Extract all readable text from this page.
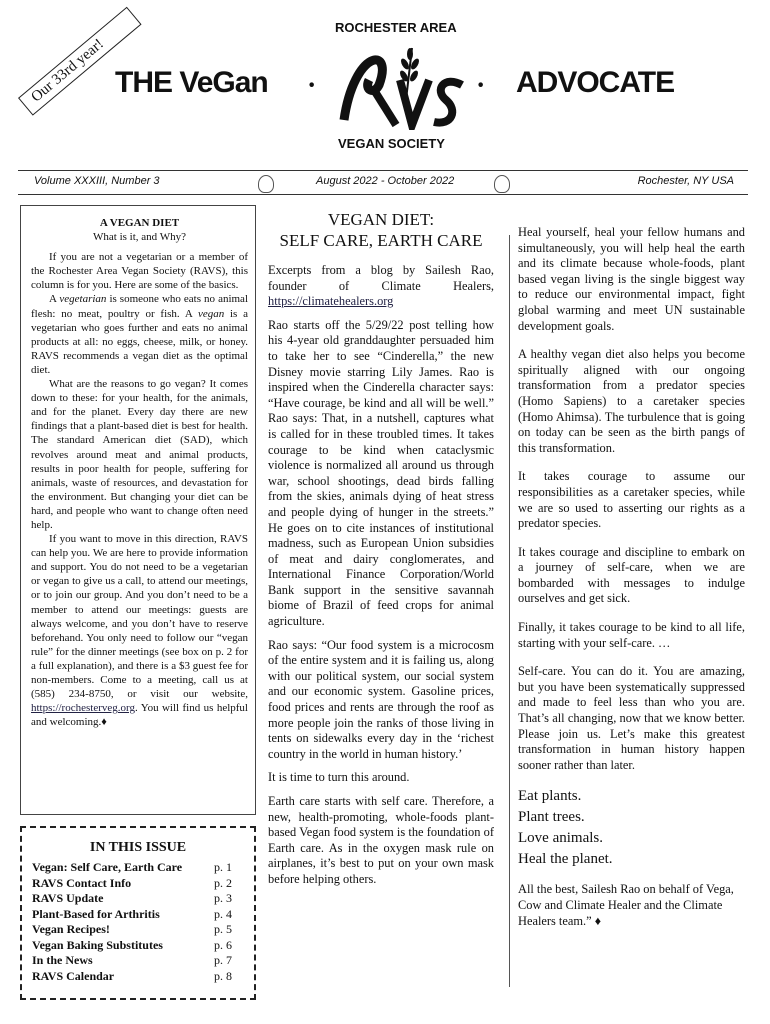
Our 33rd year! THE VeGan ·	· ADVOCATE
ROCHESTER AREA
VEGAN SOCIETY
Volume XXXIII, Number 3	August 2022 - October 2022	Rochester, NY USA
A VEGAN DIET
What is it, and Why?

If you are not a vegetarian or a member of the Rochester Area Vegan Society (RAVS), this column is for you. Here are some of the basics.

A vegetarian is someone who eats no animal flesh: no meat, poultry or fish. A vegan is a vegetarian who goes further and eats no animal products at all: no eggs, cheese, milk, or honey. RAVS recommends a vegan diet as the optimal diet.

What are the reasons to go vegan? It comes down to these: for your health, for the animals, and for the planet. Every day there are new findings that a plant-based diet is best for health. The standard American diet (SAD), which revolves around meat and animal products, results in poor health for people, suffering for animals, waste of resources, and devastation for the environment. But changing your diet can be hard, and people who want to change often need help.

If you want to move in this direction, RAVS can help you. We are here to provide information and support. You do not need to be a vegetarian or vegan to give us a call, to attend our meetings, or to join our group. And you don’t need to be a member to attend our meetings: guests are always welcome, and you don’t have to reserve beforehand. You only need to follow our “vegan rule” for the dinner meetings (see box on p. 2 for a full explanation), and there is a $3 guest fee for non-members. Come to a meeting, call us at (585) 234-8750, or visit our website, https://rochesterveg.org. You will find us helpful and welcoming.♦

IN THIS ISSUE
Vegan: Self Care, Earth Care	p. 1
RAVS Contact Info	p. 2
RAVS Update	p. 3
Plant-Based for Arthritis	p. 4
Vegan Recipes!	p. 5
Vegan Baking Substitutes	p. 6
In the News	p. 7
RAVS Calendar	p. 8
VEGAN DIET:
SELF CARE, EARTH CARE

Excerpts from a blog by Sailesh Rao, founder of Climate Healers, https://climatehealers.org

Rao starts off the 5/29/22 post telling how his 4-year old granddaughter persuaded him to take her to see “Cinderella,” the new Disney movie starring Lily James. Rao is inspired when the Cinderella character says: “Have courage, be kind and all will be well.” Rao says: That, in a nutshell, captures what is called for in these troubled times. It takes courage to be kind when cataclysmic violence is normalized all around us through war, school shootings, dead birds falling from the skies, animals dying of heat stress and people dying of hunger in the streets.” He goes on to cite instances of institutional madness, such as European Union subsidies of meat and dairy conglomerates, and International Finance Corporation/World Bank support in the sensitive savannah biome of Brazil of feed crops for animal agriculture.

Rao says: “Our food system is a microcosm of the entire system and it is failing us, along with our political system, our social system and our economic system. Gasoline prices, food prices and rents are through the roof as more people join the ranks of those living in tents on sidewalks every day in the ‘richest country in the world in human history.’

It is time to turn this around.

Earth care starts with self care. Therefore, a new, health-promoting, whole-foods plant-based Vegan food system is the foundation of Earth care. As in the oxygen mask rule on airplanes, it’s best to put on your own mask before helping others.

Heal yourself, heal your fellow humans and simultaneously, you will help heal the earth and its climate because whole-foods, plant based vegan living is the single biggest way to reduce our environmental impact, fight global warming and meet UN sustainable development goals.

A healthy vegan diet also helps you become spiritually aligned with our ongoing transformation from a predator species (Homo Sapiens) to a caretaker species (Homo Ahimsa). The turbulence that is going on today can be seen as the birth pangs of this transformation.

It takes courage to assume our responsibilities as a caretaker species, while we are so used to asserting our rights as a predator species.

It takes courage and discipline to embark on a journey of self-care, when we are bombarded with messages to indulge ourselves and get sick.

Finally, it takes courage to be kind to all life, starting with your self-care. …

Self-care. You can do it. You are amazing, but you have been systematically suppressed and made to feel less than who you are. That’s all changing, now that we know better. Please join us. Let’s make this greatest transformation in human history happen sooner rather than later.

Eat plants.
Plant trees.
Love animals.
Heal the planet.

All the best, Sailesh Rao on behalf of Vega, Cow and Climate Healer and the Climate Healers team.” ♦
